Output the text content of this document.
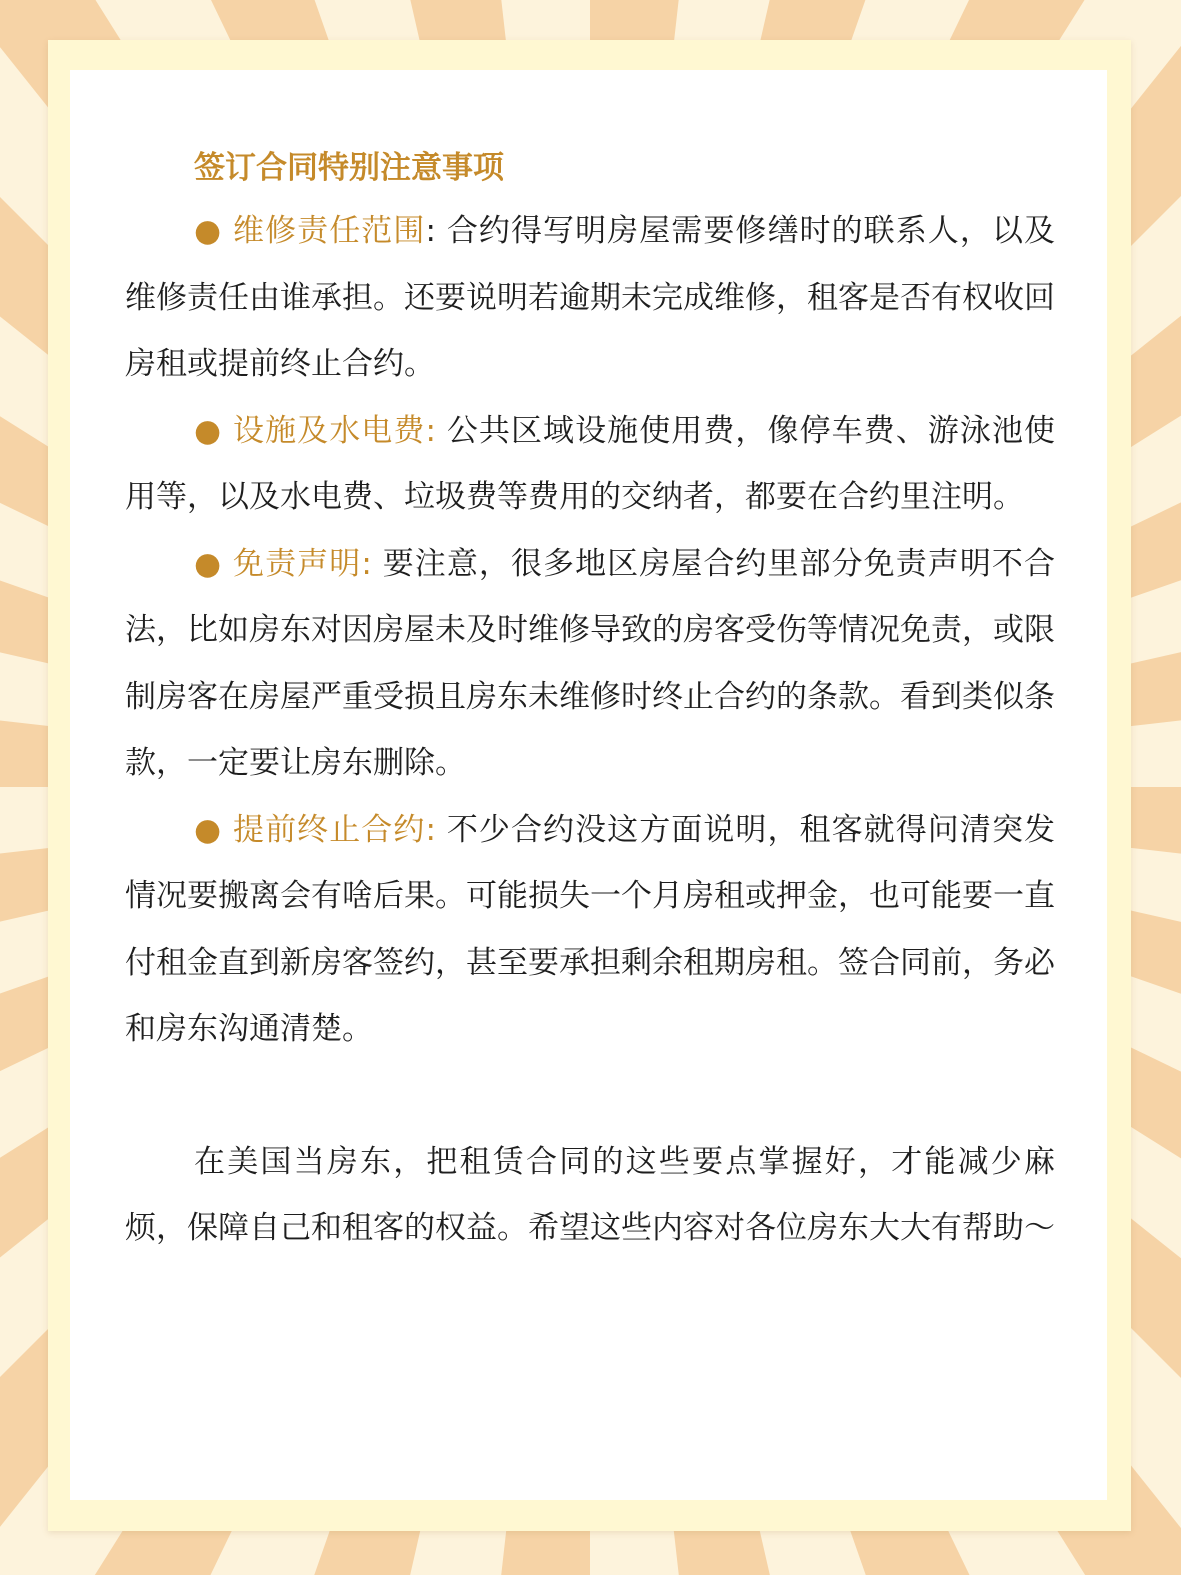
签订合同特别注意事项

● 维修责任范围: 合约得写明房屋需要修缮时的联系人，以及维修责任由谁承担。还要说明若逾期未完成维修，租客是否有权收回房租或提前终止合约。

● 设施及水电费: 公共区域设施使用费，像停车费、游泳池使用等，以及水电费、垃圾费等费用的交纳者，都要在合约里注明。

● 免责声明: 要注意，很多地区房屋合约里部分免责声明不合法，比如房东对因房屋未及时维修导致的房客受伤等情况免责，或限制房客在房屋严重受损且房东未维修时终止合约的条款。看到类似条款，一定要让房东删除。

● 提前终止合约: 不少合约没这方面说明，租客就得问清突发情况要搬离会有啥后果。可能损失一个月房租或押金，也可能要一直付租金直到新房客签约，甚至要承担剩余租期房租。签合同前，务必和房东沟通清楚。

在美国当房东，把租赁合同的这些要点掌握好，才能减少麻烦，保障自己和租客的权益。希望这些内容对各位房东大大有帮助～
